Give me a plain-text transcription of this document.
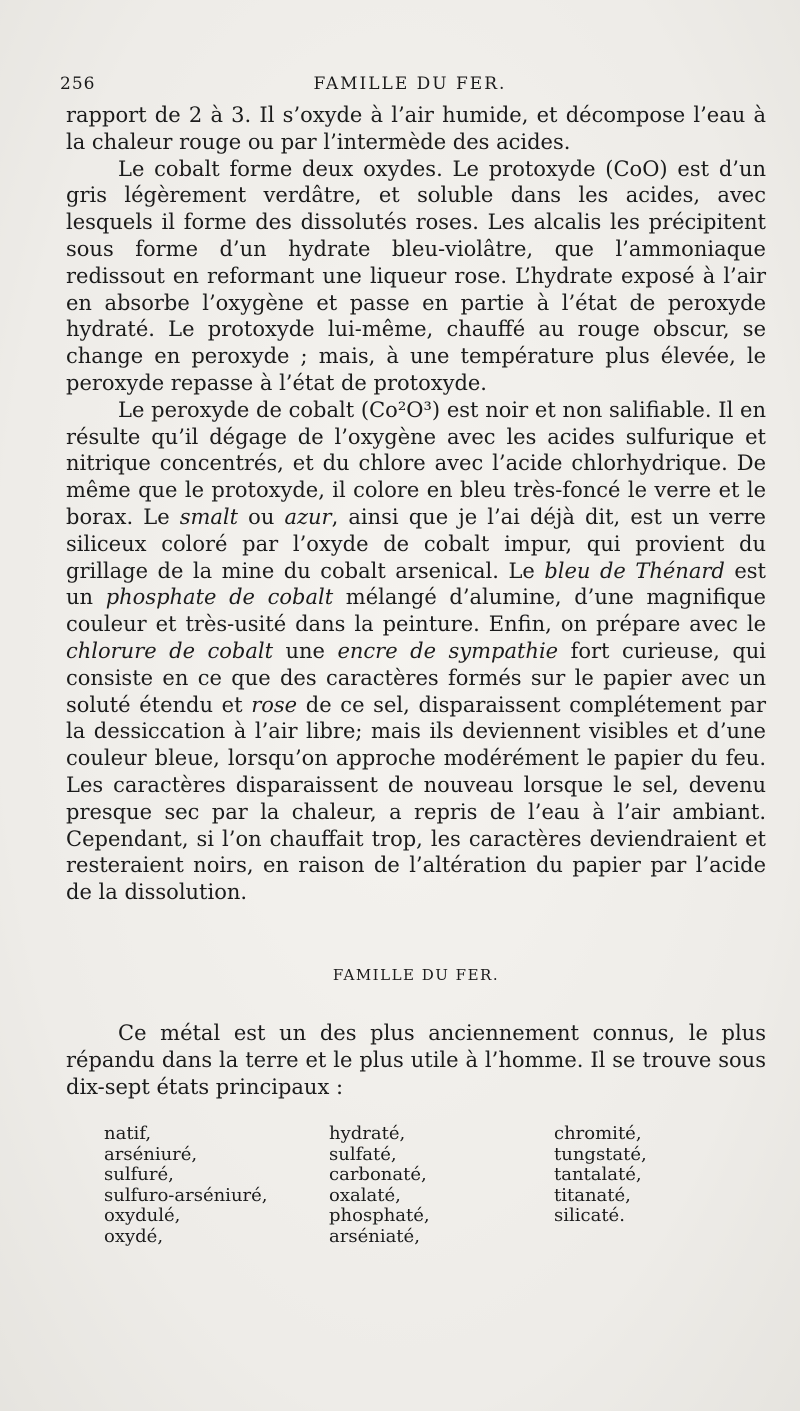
256	FAMILLE DU FER.

rapport de 2 à 3. Il s’oxyde à l’air humide, et décompose l’eau à la chaleur rouge ou par l’intermède des acides.

Le cobalt forme deux oxydes. Le protoxyde (CoO) est d’un gris légèrement verdâtre, et soluble dans les acides, avec lesquels il forme des dissolutés roses. Les alcalis les précipitent sous forme d’un hydrate bleu-violâtre, que l’ammoniaque redissout en reformant une liqueur rose. L’hydrate exposé à l’air en absorbe l’oxygène et passe en partie à l’état de peroxyde hydraté. Le protoxyde lui-même, chauffé au rouge obscur, se change en peroxyde ; mais, à une température plus élevée, le peroxyde repasse à l’état de protoxyde.

Le peroxyde de cobalt (Co²O³) est noir et non salifiable. Il en résulte qu’il dégage de l’oxygène avec les acides sulfurique et nitrique concentrés, et du chlore avec l’acide chlorhydrique. De même que le protoxyde, il colore en bleu très-foncé le verre et le borax. Le smalt ou azur, ainsi que je l’ai déjà dit, est un verre siliceux coloré par l’oxyde de cobalt impur, qui provient du grillage de la mine du cobalt arsenical. Le bleu de Thénard est un phosphate de cobalt mélangé d’alumine, d’une magnifique couleur et très-usité dans la peinture. Enfin, on prépare avec le chlorure de cobalt une encre de sympathie fort curieuse, qui consiste en ce que des caractères formés sur le papier avec un soluté étendu et rose de ce sel, disparaissent complétement par la dessiccation à l’air libre; mais ils deviennent visibles et d’une couleur bleue, lorsqu’on approche modérément le papier du feu. Les caractères disparaissent de nouveau lorsque le sel, devenu presque sec par la chaleur, a repris de l’eau à l’air ambiant. Cependant, si l’on chauffait trop, les caractères deviendraient et resteraient noirs, en raison de l’altération du papier par l’acide de la dissolution.

FAMILLE DU FER.

Ce métal est un des plus anciennement connus, le plus répandu dans la terre et le plus utile à l’homme. Il se trouve sous dix-sept états principaux :

natif,
arséniuré,
sulfuré,
sulfuro-arséniuré,
oxydulé,
oxydé,
hydraté,
sulfaté,
carbonaté,
oxalaté,
phosphaté,
arséniaté,
chromité,
tungstaté,
tantalaté,
titanaté,
silicaté.
